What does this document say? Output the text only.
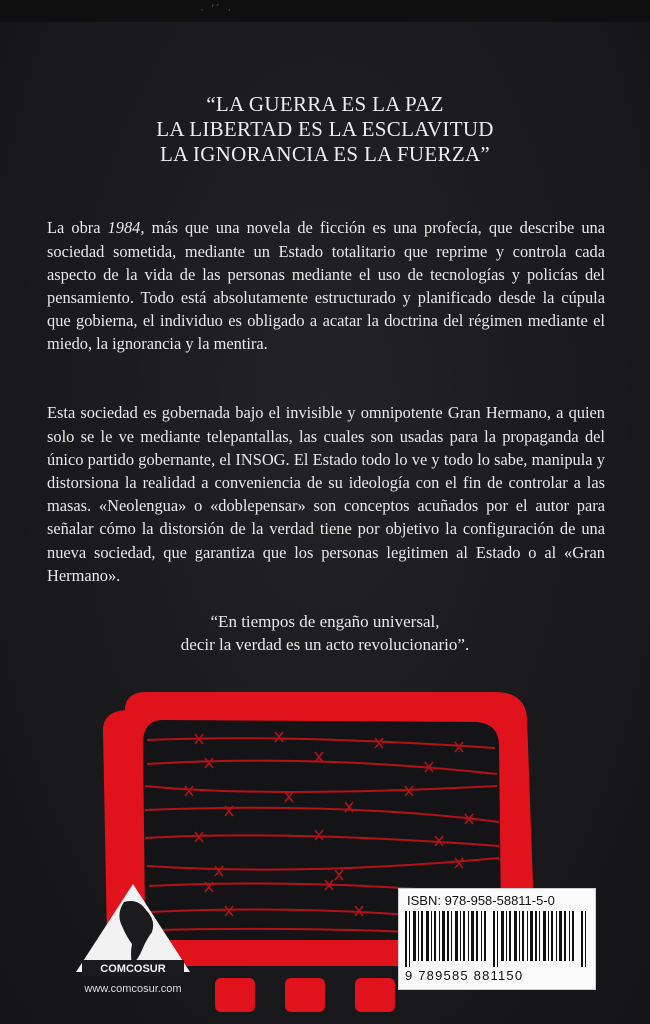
· ’´ ·
“LA GUERRA ES LA PAZ
LA LIBERTAD ES LA ESCLAVITUD
LA IGNORANCIA ES LA FUERZA”

La obra 1984, más que una novela de ficción es una profecía, que describe una sociedad sometida, mediante un Estado totalitario que reprime y controla cada aspecto de la vida de las personas mediante el uso de tecnologías y policías del pensamiento. Todo está absolutamente estructurado y planificado desde la cúpula que gobierna, el individuo es obligado a acatar la doctrina del régimen mediante el miedo, la ignorancia y la mentira.

Esta sociedad es gobernada bajo el invisible y omnipotente Gran Hermano, a quien solo se le ve mediante telepantallas, las cuales son usadas para la propaganda del único partido gobernante, el INSOG. El Estado todo lo ve y todo lo sabe, manipula y distorsiona la realidad a conveniencia de su ideología con el fin de controlar a las masas. «Neolengua» o «doblepensar» son conceptos acuñados por el autor para señalar cómo la distorsión de la verdad tiene por objetivo la configuración de una nueva sociedad, que garantiza que los personas legitimen al Estado o al «Gran Hermano».

“En tiempos de engaño universal,
decir la verdad es un acto revolucionario”.
COMCOSUR
www.comcosur.com
ISBN: 978-958-58811-5-0
9 789585 881150
